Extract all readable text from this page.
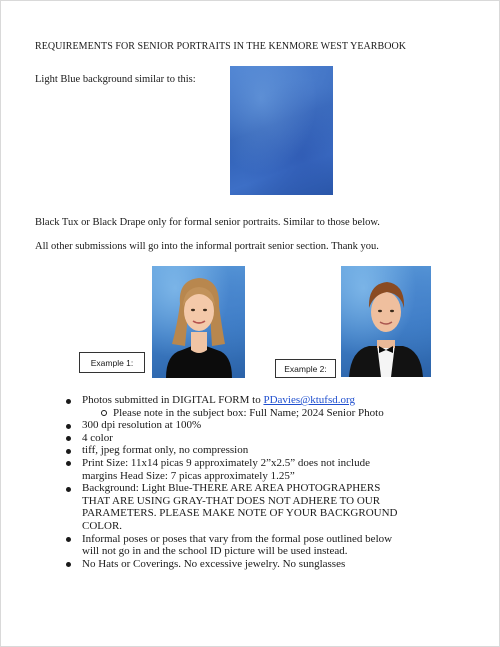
REQUIREMENTS FOR SENIOR PORTRAITS IN THE KENMORE WEST YEARBOOK
Light Blue background similar to this:
Black Tux or Black Drape only for formal senior portraits. Similar to those below.
All other submissions will go into the informal portrait senior section. Thank you.
Example 1:
Example 2:
Photos submitted in DIGITAL FORM to PDavies@ktufsd.org
Please note in the subject box: Full Name; 2024 Senior Photo
300 dpi resolution at 100%
4 color
tiff, jpeg format only, no compression
Print Size: 11x14 picas 9 approximately 2”x2.5” does not include
margins Head Size: 7 picas approximately 1.25”
Background: Light Blue-THERE ARE AREA PHOTOGRAPHERS
THAT ARE USING GRAY-THAT DOES NOT ADHERE TO OUR
PARAMETERS. PLEASE MAKE NOTE OF YOUR BACKGROUND
COLOR.
Informal poses or poses that vary from the formal pose outlined below
will not go in and the school ID picture will be used instead.
No Hats or Coverings. No excessive jewelry. No sunglasses
